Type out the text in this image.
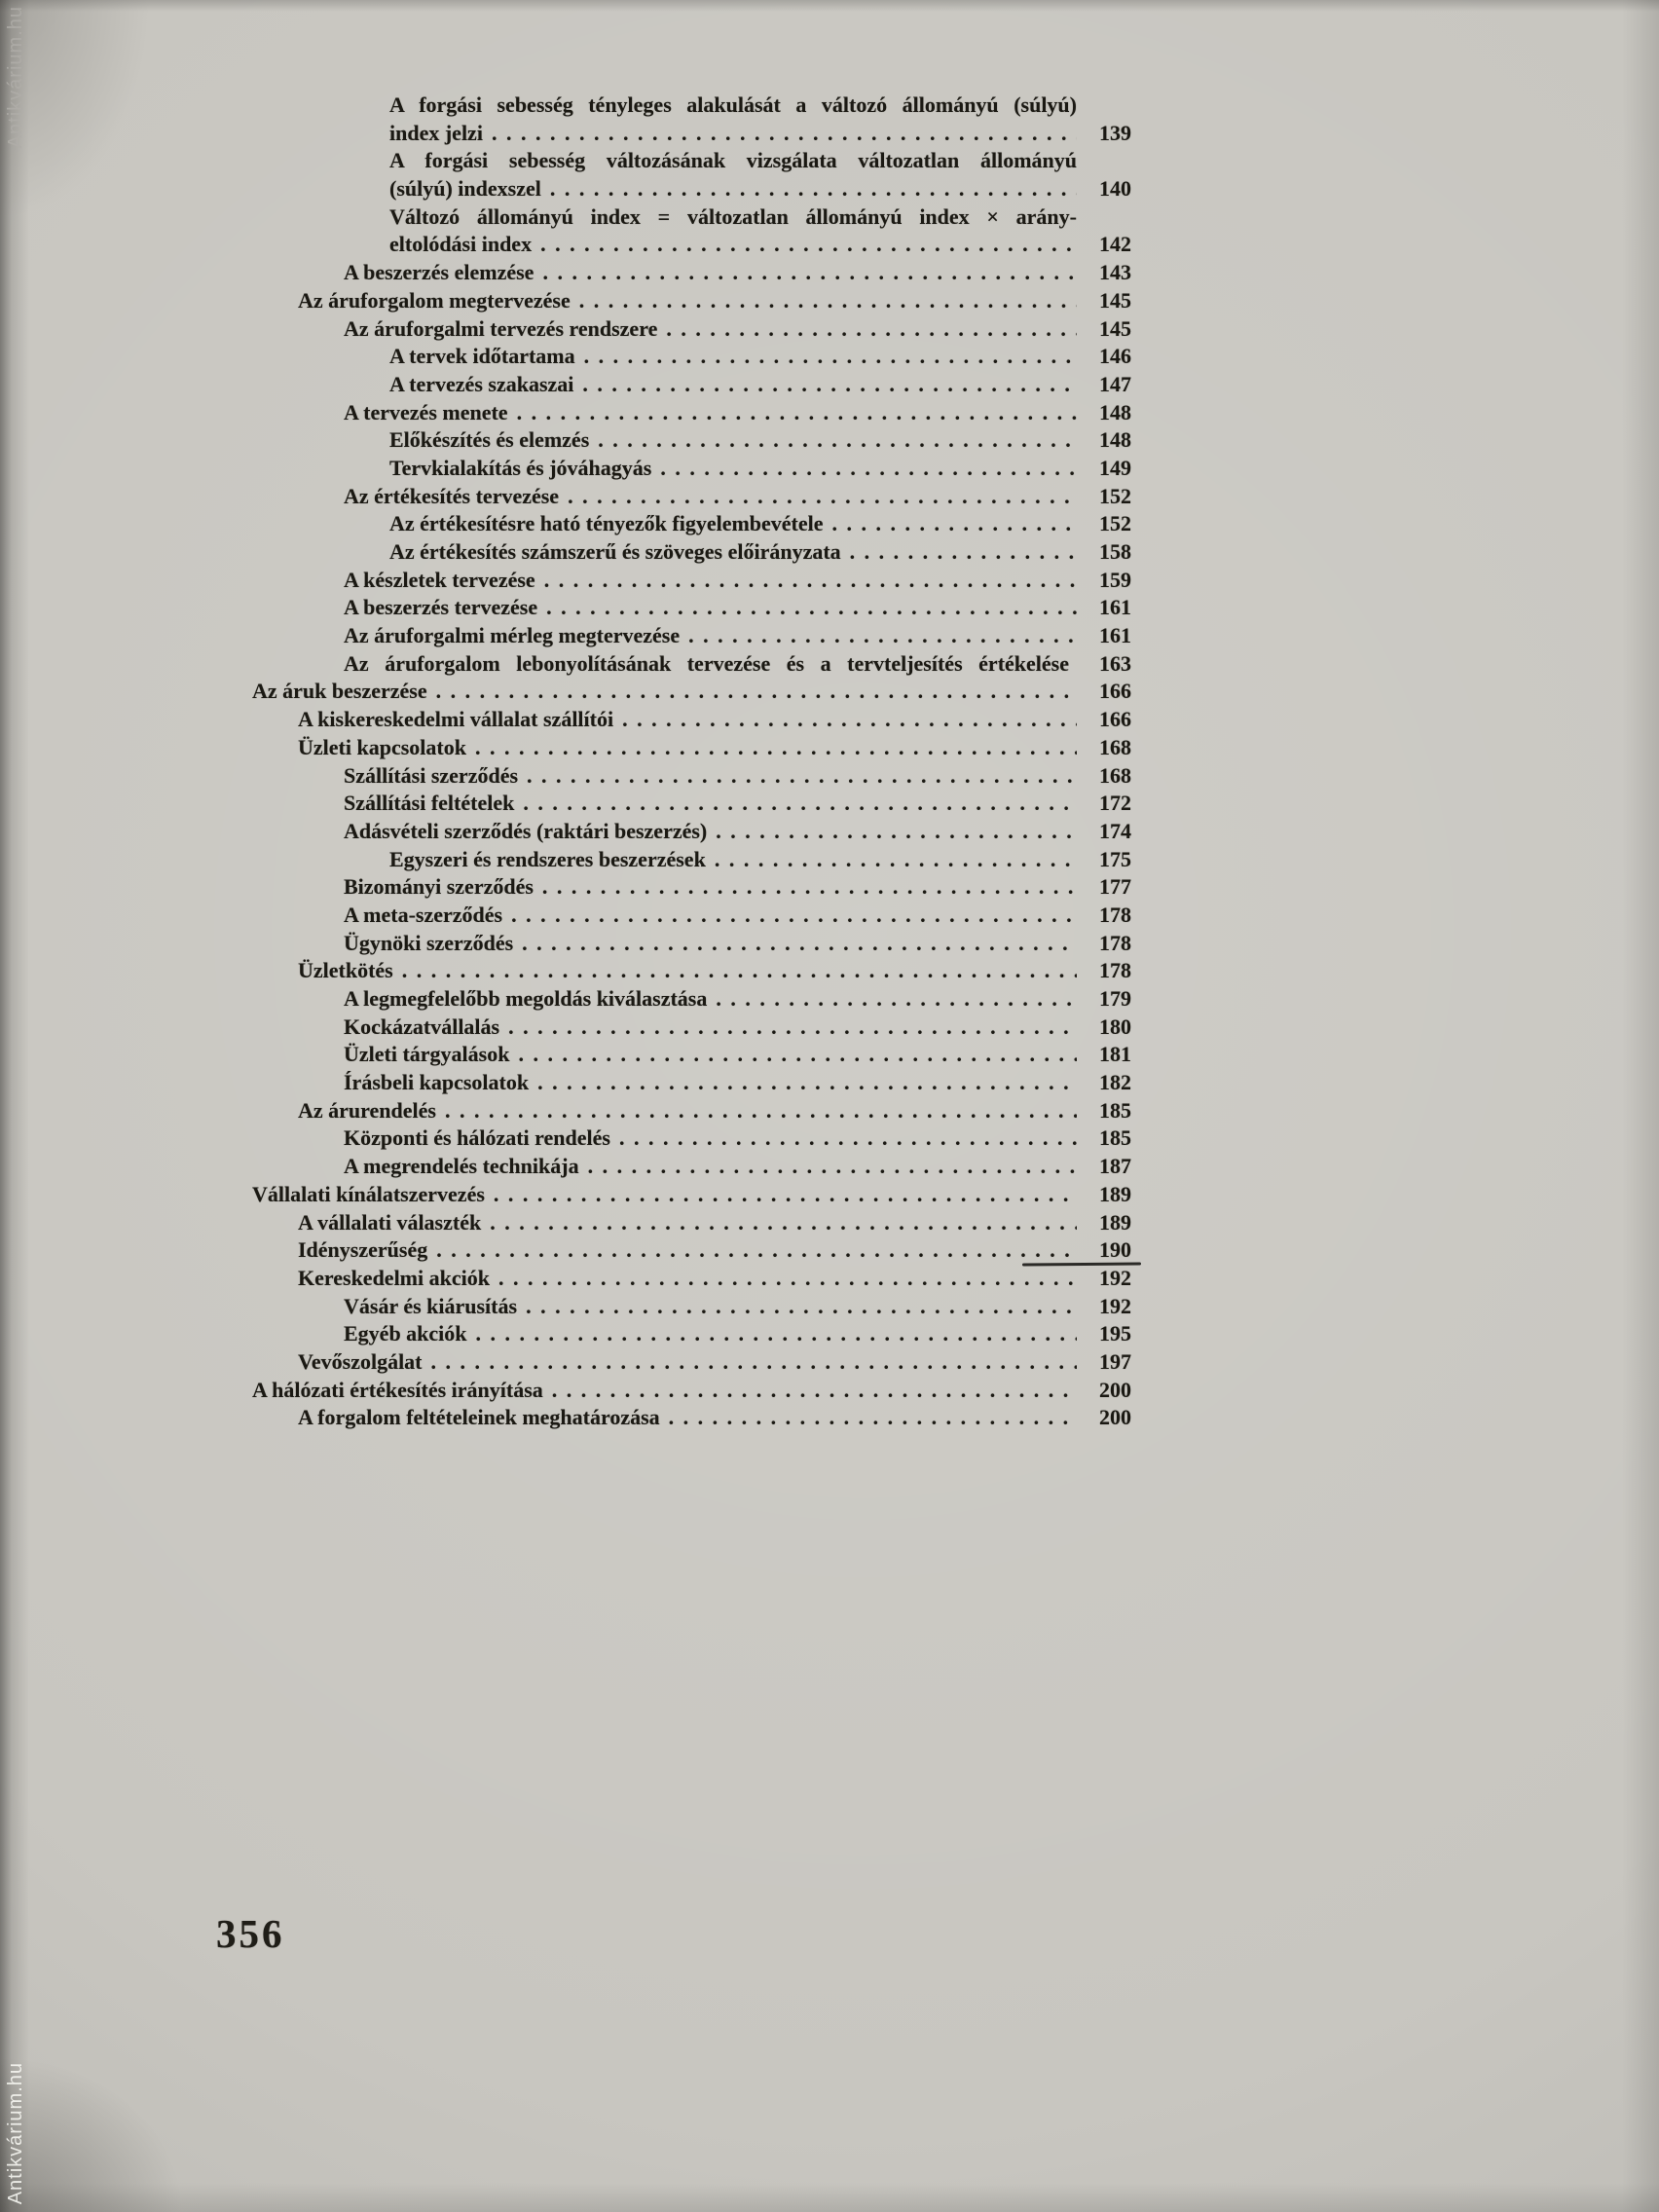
Antikvárium.hu	A forgási sebesség tényleges alakulását a változó állományú (súlyú)
index jelzi . . .	139
A forgási sebesség változásának vizsgálata változatlan állományú
(súlyú) indexszel . . .	140
Változó állományú index = változatlan állományú index × arány-
eltolódási index . . .	142
A beszerzés elemzése . . .	143
Az áruforgalom megtervezése . . .	145
Az áruforgalmi tervezés rendszere . . .	145
A tervek időtartama . . .	146
A tervezés szakaszai . . .	147
A tervezés menete . . .	148
Előkészítés és elemzés . . .	148
Tervkialakítás és jóváhagyás . . .	149
Az értékesítés tervezése . . .	152
Az értékesítésre ható tényezők figyelembevétele . . .	152
Az értékesítés számszerű és szöveges előirányzata . . .	158
A készletek tervezése . . .	159
A beszerzés tervezése . . .	161
Az áruforgalmi mérleg megtervezése . . .	161
Az áruforgalom lebonyolításának tervezése és a tervteljesítés értékelése	163
Az áruk beszerzése . . .	166
A kiskereskedelmi vállalat szállítói . . .	166
Üzleti kapcsolatok . . .	168
Szállítási szerződés . . .	168
Szállítási feltételek . . .	172
Adásvételi szerződés (raktári beszerzés) . . .	174
Egyszeri és rendszeres beszerzések . . .	175
Bizományi szerződés . . .	177
A meta-szerződés . . .	178
Ügynöki szerződés . . .	178
Üzletkötés . . .	178
A legmegfelelőbb megoldás kiválasztása . . .	179
Kockázatvállalás . . .	180
Üzleti tárgyalások . . .	181
Írásbeli kapcsolatok . . .	182
Az árurendelés . . .	185
Központi és hálózati rendelés . . .	185
A megrendelés technikája . . .	187
Vállalati kínálatszervezés . . .	189
A vállalati választék . . .	189
Idényszerűség . . .	190
Kereskedelmi akciók . . .	192
Vásár és kiárusítás . . .	192
Egyéb akciók . . .	195
Vevőszolgálat . . .	197
A hálózati értékesítés irányítása . . .	200
A forgalom feltételeinek meghatározása . . .	200
356
Antikvárium.hu
